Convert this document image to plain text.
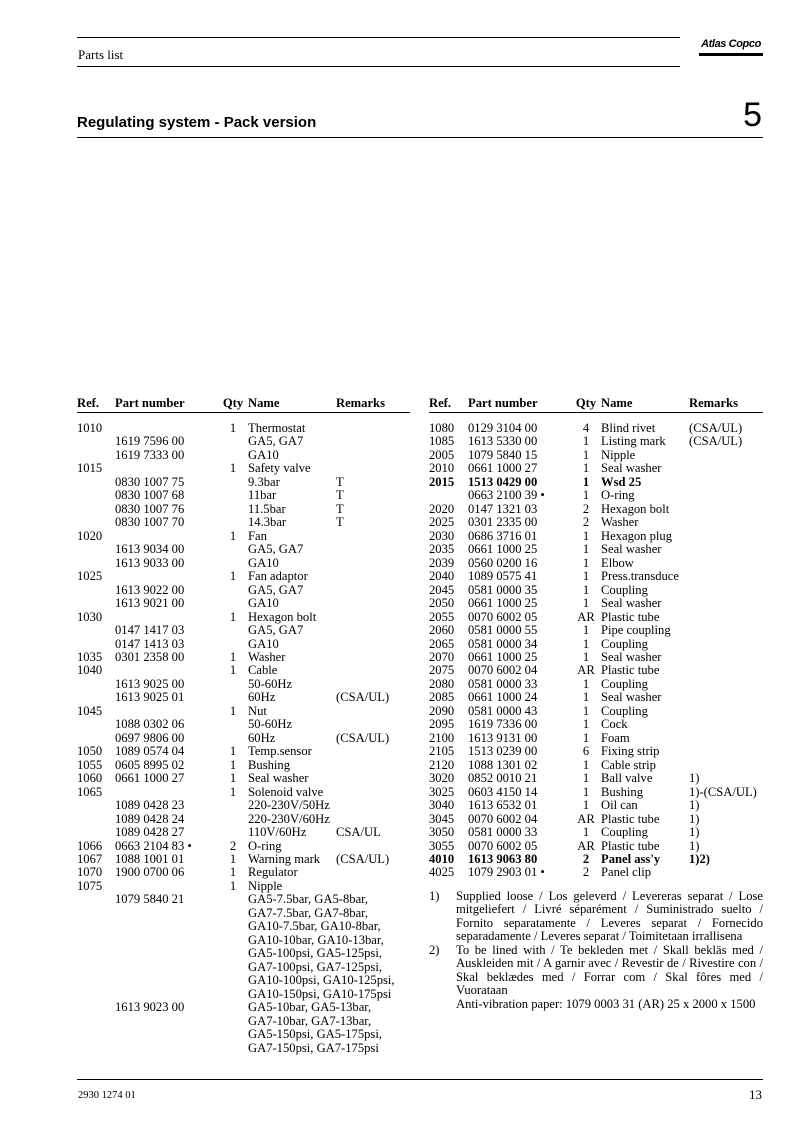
Parts list
Atlas Copco
Regulating system - Pack version	5
Ref.	Part number	Qty Name	Remarks
1010	1 Thermostat
1619 7596 00	GA5, GA7
1619 7333 00	GA10
1015	1 Safety valve
0830 1007 75	9.3bar	T
0830 1007 68	11bar	T
0830 1007 76	11.5bar	T
0830 1007 70	14.3bar	T
1020	1 Fan
1613 9034 00	GA5, GA7
1613 9033 00	GA10
1025	1 Fan adaptor
1613 9022 00	GA5, GA7
1613 9021 00	GA10
1030	1 Hexagon bolt
0147 1417 03	GA5, GA7
0147 1413 03	GA10
1035	0301 2358 00	1 Washer
1040	1 Cable
1613 9025 00	50-60Hz
1613 9025 01	60Hz	(CSA/UL)
1045	1 Nut
1088 0302 06	50-60Hz
0697 9806 00	60Hz	(CSA/UL)
1050	1089 0574 04	1 Temp.sensor
1055	0605 8995 02	1 Bushing
1060	0661 1000 27	1 Seal washer
1065	1 Solenoid valve
1089 0428 23	220-230V/50Hz
1089 0428 24	220-230V/60Hz
1089 0428 27	110V/60Hz	CSA/UL
1066	0663 2104 83 •	2 O-ring
1067	1088 1001 01	1 Warning mark	(CSA/UL)
1070	1900 0700 06	1 Regulator
1075	1 Nipple
1079 5840 21	GA5-7.5bar, GA5-8bar,
GA7-7.5bar, GA7-8bar,
GA10-7.5bar, GA10-8bar,
GA10-10bar, GA10-13bar,
GA5-100psi, GA5-125psi,
GA7-100psi, GA7-125psi,
GA10-100psi, GA10-125psi,
GA10-150psi, GA10-175psi
1613 9023 00	GA5-10bar, GA5-13bar,
GA7-10bar, GA7-13bar,
GA5-150psi, GA5-175psi,
GA7-150psi, GA7-175psi
Ref.	Part number	Qty Name	Remarks
1080	0129 3104 00	4 Blind rivet	(CSA/UL)
1085	1613 5330 00	1 Listing mark	(CSA/UL)
2005	1079 5840 15	1 Nipple
2010	0661 1000 27	1 Seal washer
2015	1513 0429 00	1 Wsd 25
0663 2100 39 •	1 O-ring
2020	0147 1321 03	2 Hexagon bolt
2025	0301 2335 00	2 Washer
2030	0686 3716 01	1 Hexagon plug
2035	0661 1000 25	1 Seal washer
2039	0560 0200 16	1 Elbow
2040	1089 0575 41	1 Press.transduce
2045	0581 0000 35	1 Coupling
2050	0661 1000 25	1 Seal washer
2055	0070 6002 05	AR Plastic tube
2060	0581 0000 55	1 Pipe coupling
2065	0581 0000 34	1 Coupling
2070	0661 1000 25	1 Seal washer
2075	0070 6002 04	AR Plastic tube
2080	0581 0000 33	1 Coupling
2085	0661 1000 24	1 Seal washer
2090	0581 0000 43	1 Coupling
2095	1619 7336 00	1 Cock
2100	1613 9131 00	1 Foam
2105	1513 0239 00	6 Fixing strip
2120	1088 1301 02	1 Cable strip
3020	0852 0010 21	1 Ball valve	1)
3025	0603 4150 14	1 Bushing	1)-(CSA/UL)
3040	1613 6532 01	1 Oil can	1)
3045	0070 6002 04	AR Plastic tube	1)
3050	0581 0000 33	1 Coupling	1)
3055	0070 6002 05	AR Plastic tube	1)
4010	1613 9063 80	2 Panel ass'y	1)2)
4025	1079 2903 01 •	2 Panel clip
1)	Supplied loose / Los geleverd / Levereras separat / Lose mitgeliefert / Livré séparément / Suministrado suelto / Fornito separatamente / Leveres separat / Fornecido separadamente / Leveres separat / Toimitetaan irrallisena
2)	To be lined with / Te bekleden met / Skall bekläs med / Auskleiden mit / A garnir avec / Revestir de / Rivestire con / Skal beklædes med / Forrar com / Skal fôres med / Vuorataan
Anti-vibration paper: 1079 0003 31 (AR) 25 x 2000 x 1500
2930 1274 01	13
